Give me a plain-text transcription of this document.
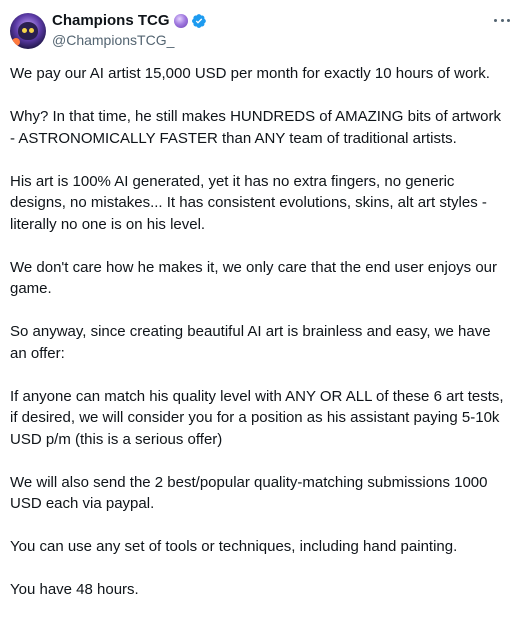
Champions TCG
@ChampionsTCG_

We pay our AI artist 15,000 USD per month for exactly 10 hours of work.

Why? In that time, he still makes HUNDREDS of AMAZING bits of artwork - ASTRONOMICALLY FASTER than ANY team of traditional artists.

His art is 100% AI generated, yet it has no extra fingers, no generic designs, no mistakes... It has consistent evolutions, skins, alt art styles - literally no one is on his level.

We don't care how he makes it, we only care that the end user enjoys our game.

So anyway, since creating beautiful AI art is brainless and easy, we have an offer:

If anyone can match his quality level with ANY OR ALL of these 6 art tests, if desired, we will consider you for a position as his assistant paying 5-10k USD p/m (this is a serious offer)

We will also send the 2 best/popular quality-matching submissions 1000 USD each via paypal.

You can use any set of tools or techniques, including hand painting.

You have 48 hours.
